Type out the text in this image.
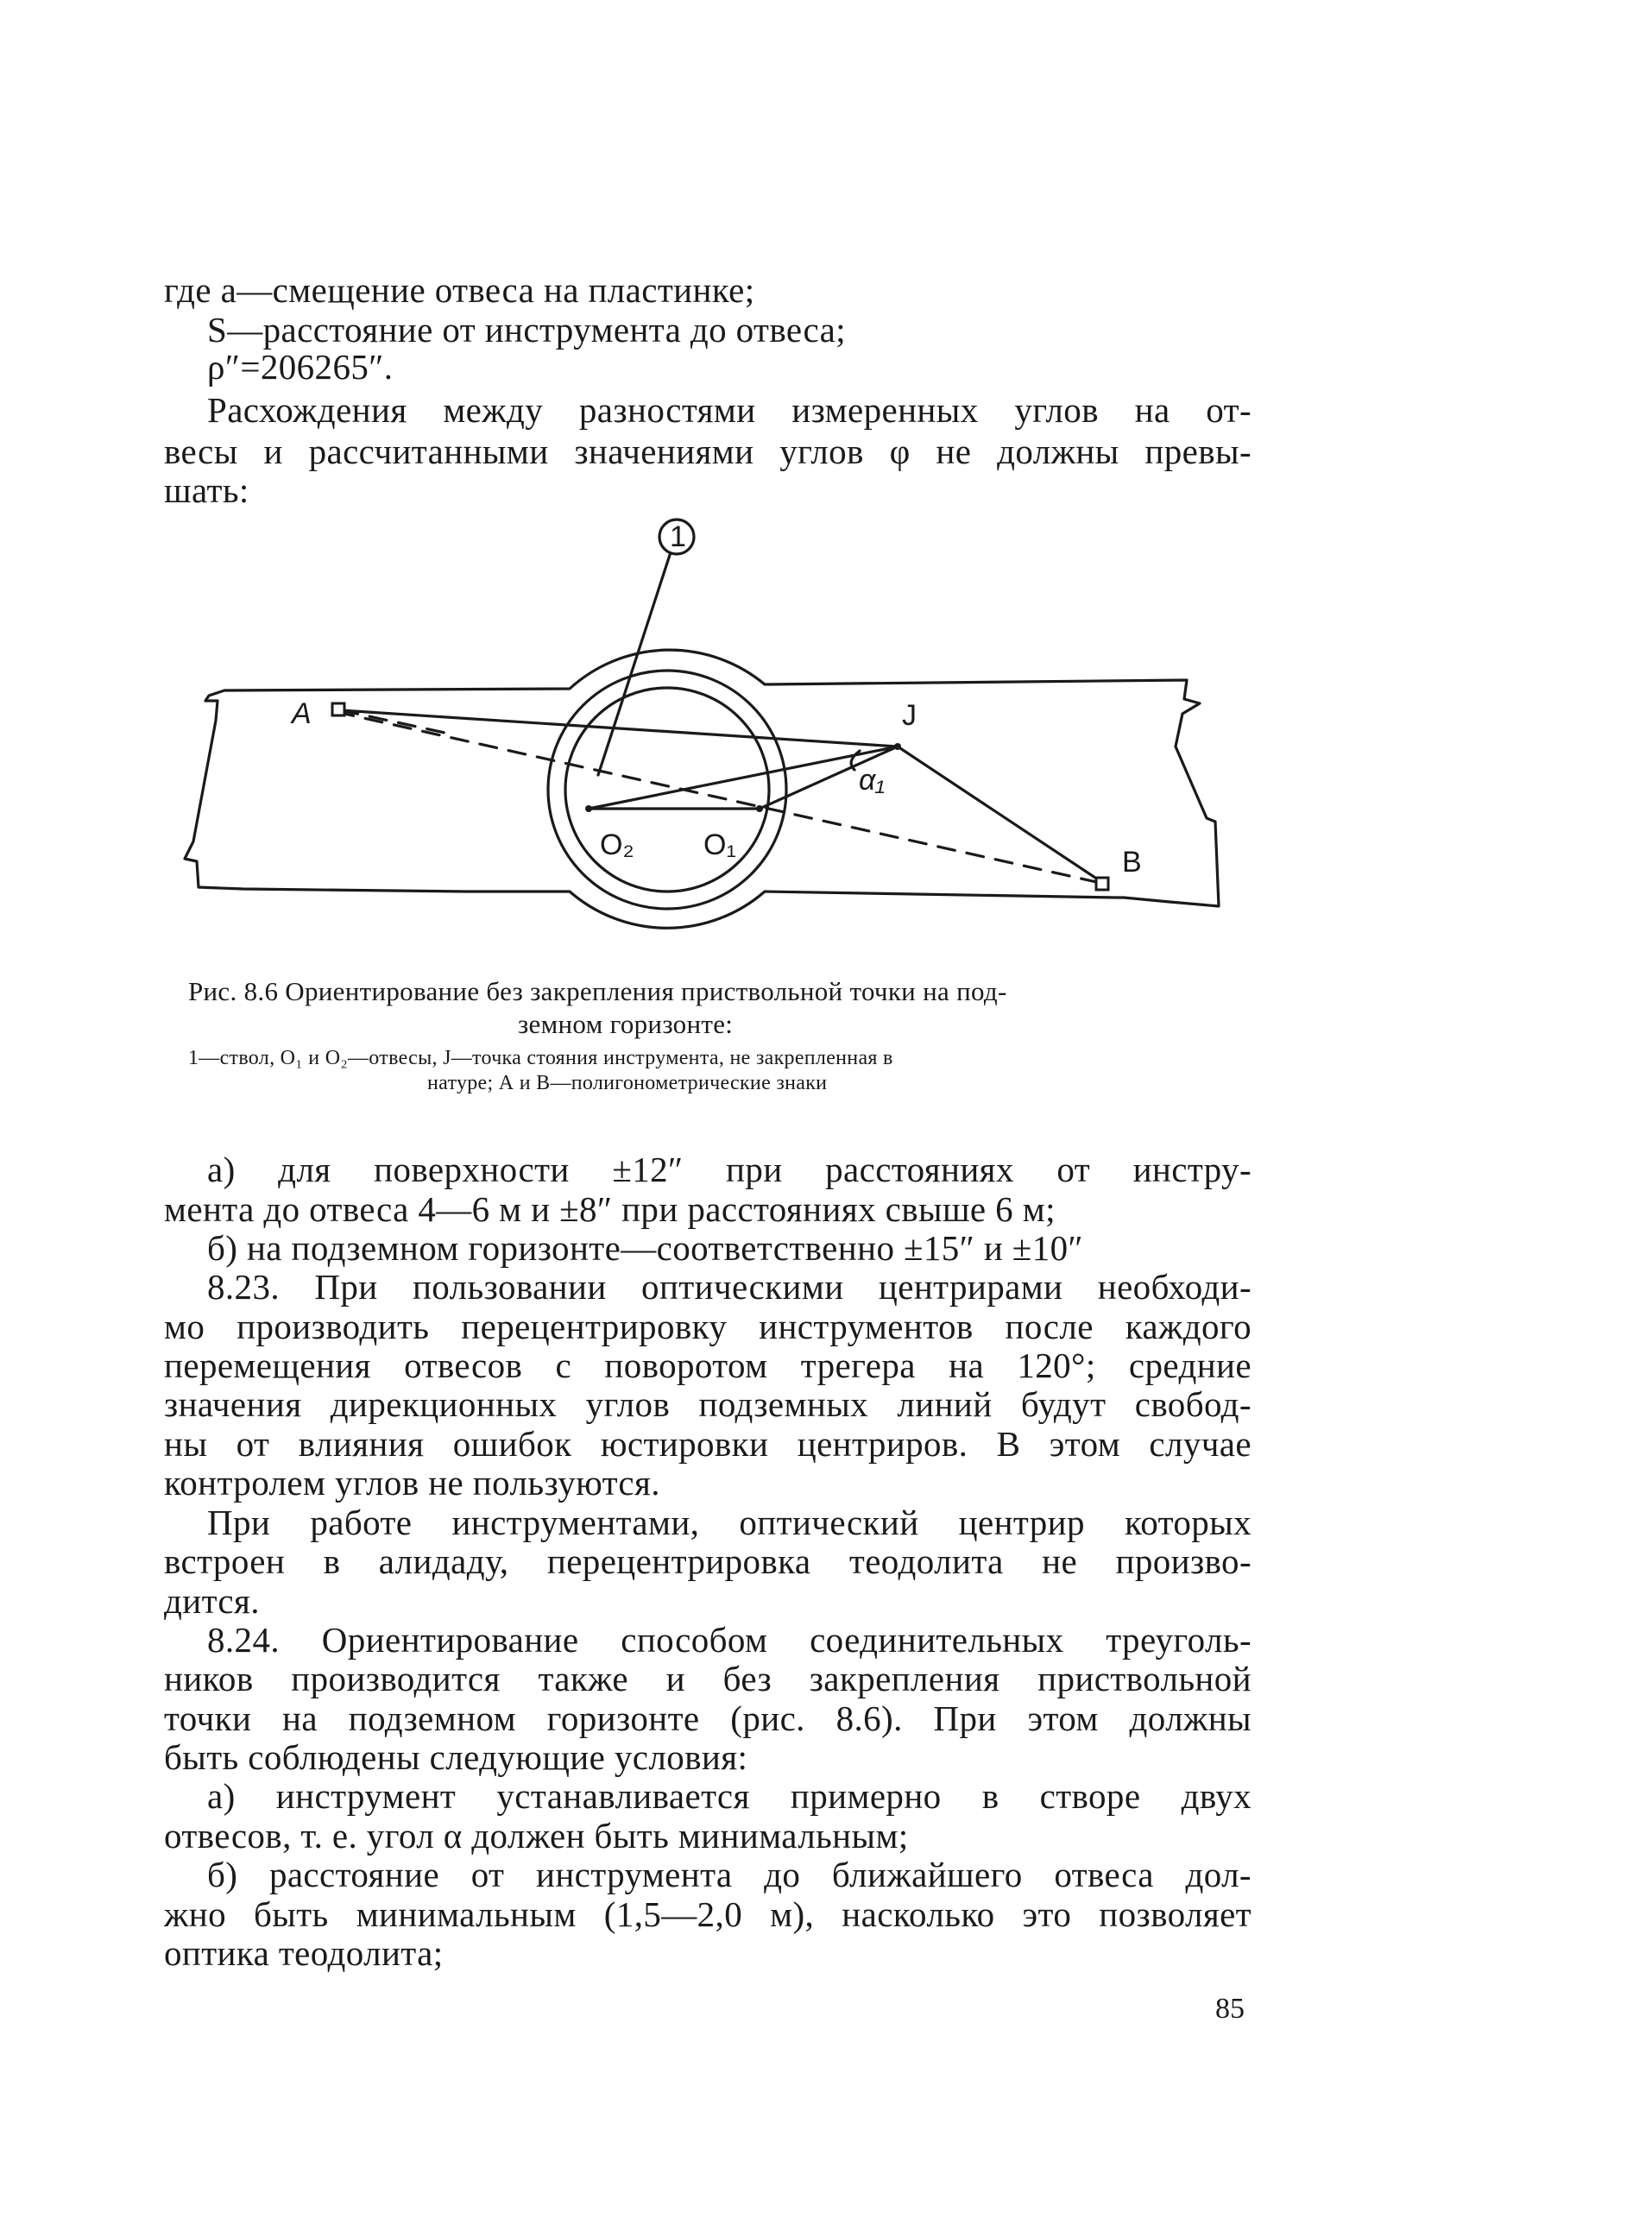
где а—смещение отвеса на пластинке;
S—расстояние от инструмента до отвеса;
ρ″=206265″.
Расхождения между разностями измеренных углов на от-
весы и рассчитанными значениями углов φ не должны превы-
шать:
1
А	J
В
O₂ O₁
α₁
Рис. 8.6 Ориентирование без закрепления приствольной точки на под-
земном горизонте:
1—ствол, O₁ и O₂—отвесы, J—точка стояния инструмента, не закрепленная в
натуре; А и В—полигонометрические знаки
а) для поверхности ±12″ при расстояниях от инстру-
мента до отвеса 4—6 м и ±8″ при расстояниях свыше 6 м;
б) на подземном горизонте—соответственно ±15″ и ±10″
8.23. При пользовании оптическими центрирами необходи-
мо производить перецентрировку инструментов после каждого
перемещения отвесов с поворотом трегера на 120°; средние
значения дирекционных углов подземных линий будут свобод-
ны от влияния ошибок юстировки центриров. В этом случае
контролем углов не пользуются.
При работе инструментами, оптический центрир которых
встроен в алидаду, перецентрировка теодолита не произво-
дится.
8.24. Ориентирование способом соединительных треуголь-
ников производится также и без закрепления приствольной
точки на подземном горизонте (рис. 8.6). При этом должны
быть соблюдены следующие условия:
а) инструмент устанавливается примерно в створе двух
отвесов, т. е. угол α должен быть минимальным;
б) расстояние от инструмента до ближайшего отвеса дол-
жно быть минимальным (1,5—2,0 м), насколько это позволяет
оптика теодолита;
85
